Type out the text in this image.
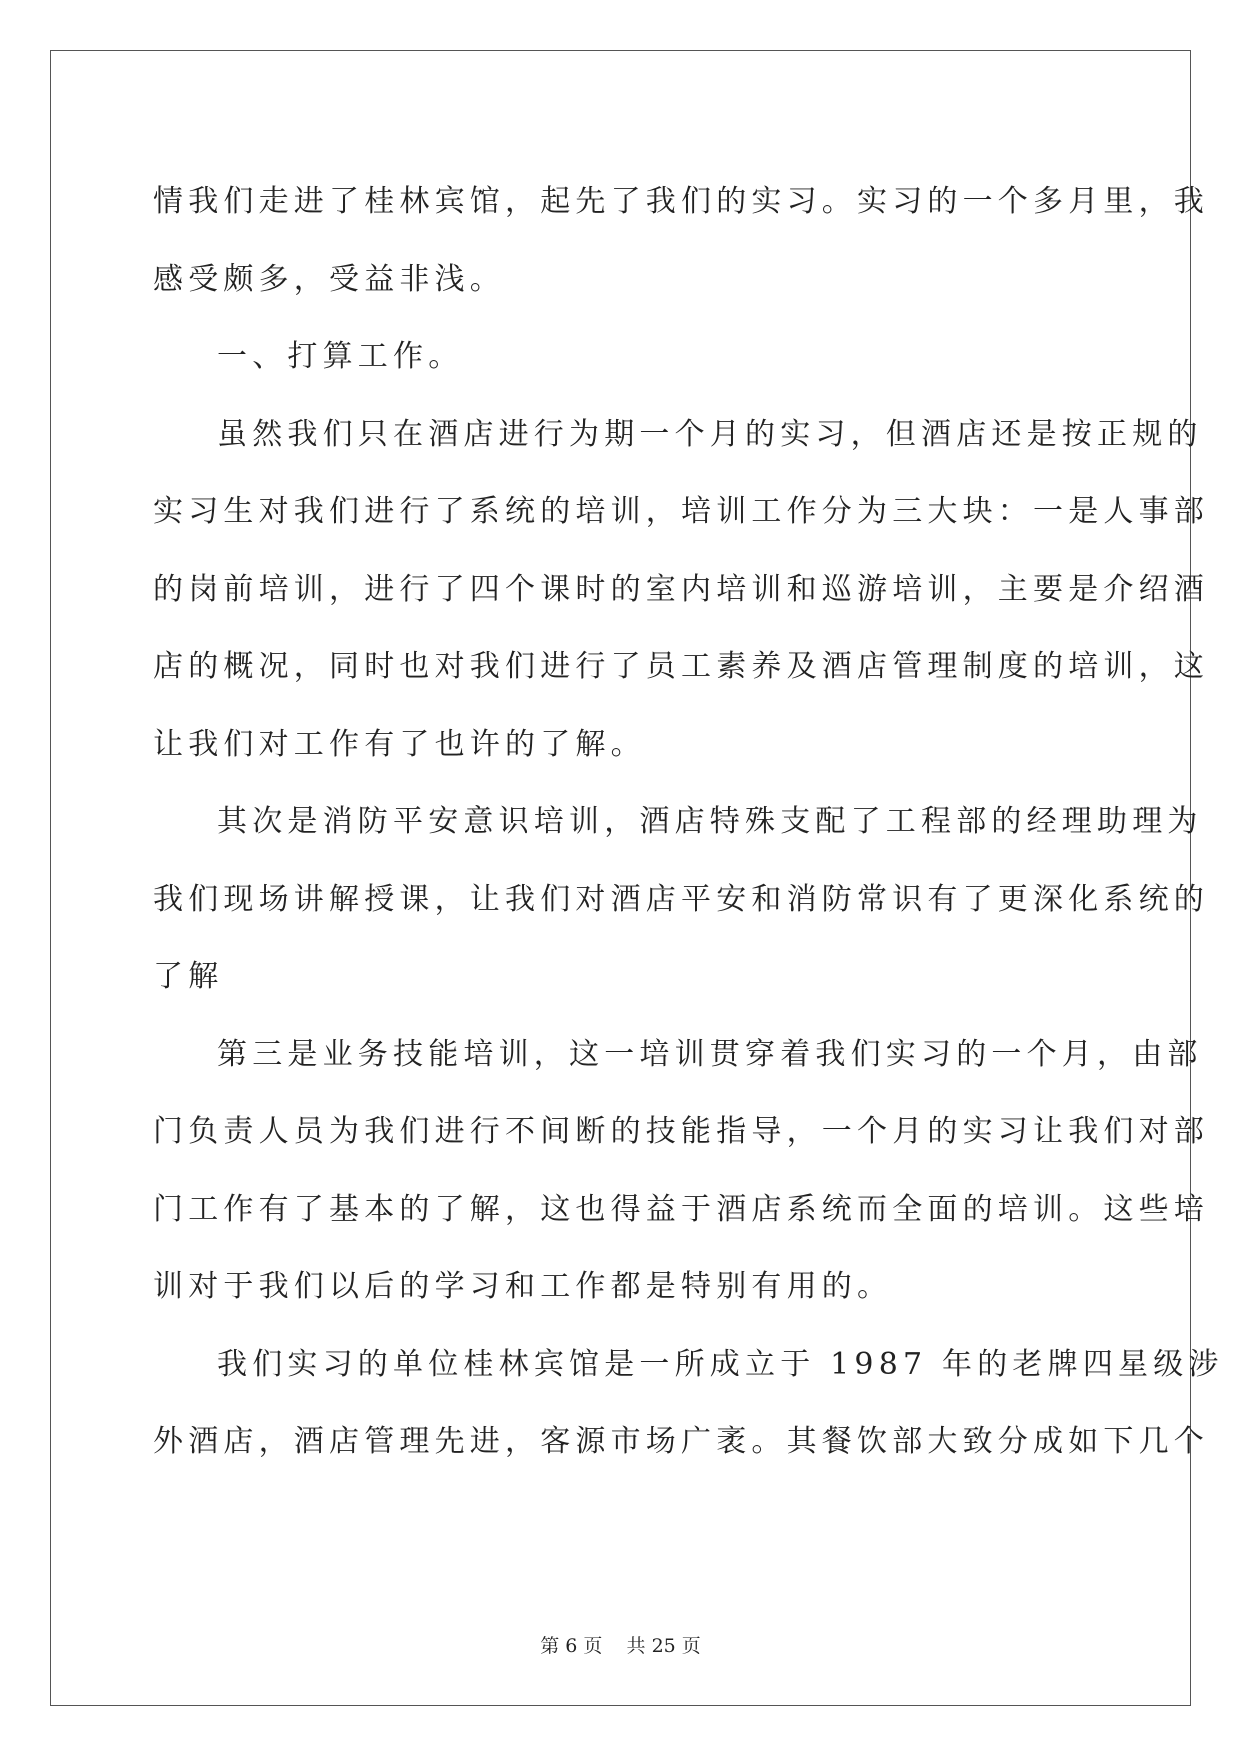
情我们走进了桂林宾馆，起先了我们的实习。实习的一个多月里，我
感受颇多，受益非浅。
一、打算工作。
虽然我们只在酒店进行为期一个月的实习，但酒店还是按正规的
实习生对我们进行了系统的培训，培训工作分为三大块：一是人事部
的岗前培训，进行了四个课时的室内培训和巡游培训，主要是介绍酒
店的概况，同时也对我们进行了员工素养及酒店管理制度的培训，这
让我们对工作有了也许的了解。
其次是消防平安意识培训，酒店特殊支配了工程部的经理助理为
我们现场讲解授课，让我们对酒店平安和消防常识有了更深化系统的
了解
第三是业务技能培训，这一培训贯穿着我们实习的一个月，由部
门负责人员为我们进行不间断的技能指导，一个月的实习让我们对部
门工作有了基本的了解，这也得益于酒店系统而全面的培训。这些培
训对于我们以后的学习和工作都是特别有用的。
我们实习的单位桂林宾馆是一所成立于 1987 年的老牌四星级涉
外酒店，酒店管理先进，客源市场广袤。其餐饮部大致分成如下几个
第 6 页 共 25 页
